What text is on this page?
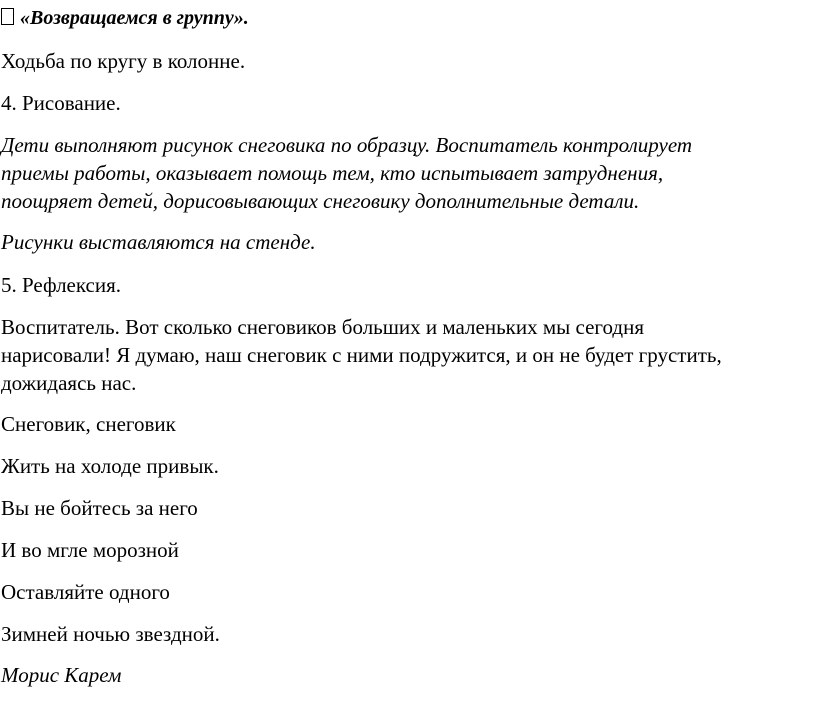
«Возвращаемся в группу».

Ходьба по кругу в колонне.

4. Рисование.

Дети выполняют рисунок снеговика по образцу. Воспитатель контролирует

приемы работы, оказывает помощь тем, кто испытывает затруднения,

поощряет детей, дорисовывающих снеговику дополнительные детали.

Рисунки выставляются на стенде.

5. Рефлексия.

Воспитатель. Вот сколько снеговиков больших и маленьких мы сегодня

нарисовали! Я думаю, наш снеговик с ними подружится, и он не будет грустить,

дожидаясь нас.

Снеговик, снеговик

Жить на холоде привык.

Вы не бойтесь за него

И во мгле морозной

Оставляйте одного

Зимней ночью звездной.

Морис Карем
